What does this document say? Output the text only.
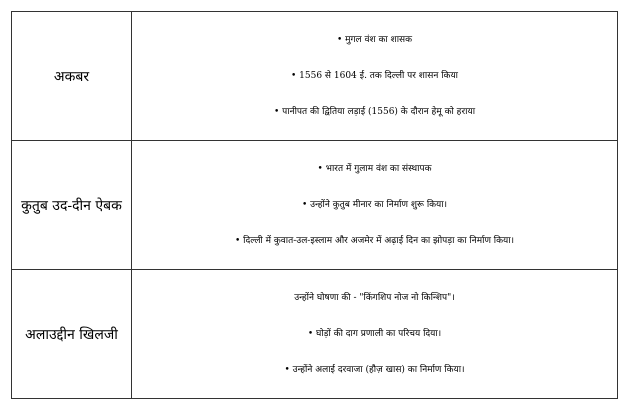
अकबर	• मुगल वंश का शासक
• 1556 से 1604 ई. तक दिल्ली पर शासन किया
• पानीपत की द्वितिया लड़ाई (1556) के दौरान हेमू को हराया

कुतुब उद-दीन ऐबक	• भारत में गुलाम वंश का संस्थापक
• उन्होंने कुतुब मीनार का निर्माण शुरू किया।
• दिल्ली में कुवात-उल-इस्लाम और अजमेर में अढ़ाई दिन का झोपड़ा का निर्माण किया।

अलाउद्दीन खिलजी	उन्होंने घोषणा की - "किंगशिप नोज नो किन्शिप"।
• घोड़ों की दाग प्रणाली का परिचय दिया।
• उन्होंने अलाई दरवाजा (हौज़ खास) का निर्माण किया।
